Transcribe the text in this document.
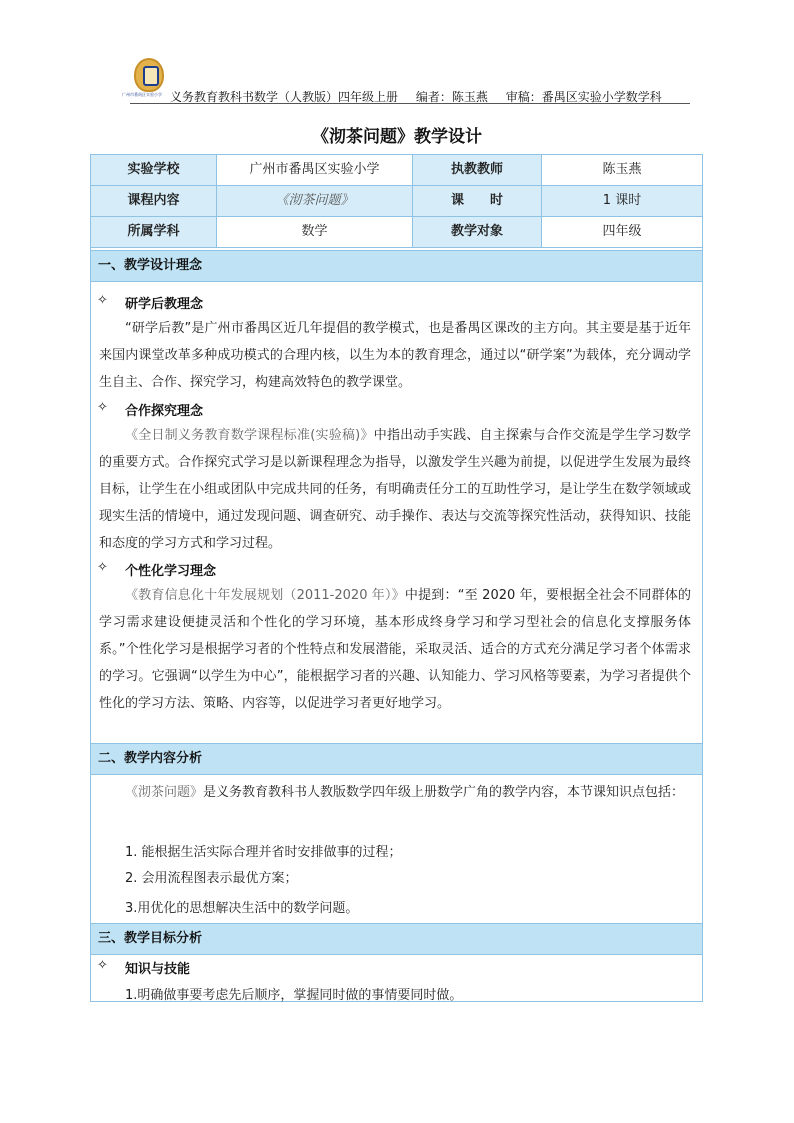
广州市番禺区实验小学 义务教育教科书数学（人教版）四年级上册 编者：陈玉燕 审稿：番禺区实验小学数学科
《沏茶问题》教学设计
实验学校	广州市番禺区实验小学	执教教师	陈玉燕
课程内容	《沏茶问题》	课　　时	1 课时
所属学科	数学	教学对象	四年级
一、教学设计理念
✧ 研学后教理念
“研学后教”是广州市番禺区近几年提倡的教学模式，也是番禺区课改的主方向。其主要是基于近年来国内课堂改革多种成功模式的合理内核，以生为本的教育理念，通过以“研学案”为载体，充分调动学生自主、合作、探究学习，构建高效特色的教学课堂。
✧ 合作探究理念
《全日制义务教育数学课程标准(实验稿)》中指出动手实践、自主探索与合作交流是学生学习数学的重要方式。合作探究式学习是以新课程理念为指导，以激发学生兴趣为前提，以促进学生发展为最终目标，让学生在小组或团队中完成共同的任务，有明确责任分工的互助性学习，是让学生在数学领域或现实生活的情境中，通过发现问题、调查研究、动手操作、表达与交流等探究性活动，获得知识、技能和态度的学习方式和学习过程。
✧ 个性化学习理念
《教育信息化十年发展规划（2011-2020 年）》中提到：“至 2020 年，要根据全社会不同群体的学习需求建设便捷灵活和个性化的学习环境，基本形成终身学习和学习型社会的信息化支撑服务体系。”个性化学习是根据学习者的个性特点和发展潜能，采取灵活、适合的方式充分满足学习者个体需求的学习。它强调“以学生为中心”，能根据学习者的兴趣、认知能力、学习风格等要素，为学习者提供个性化的学习方法、策略、内容等，以促进学习者更好地学习。
二、教学内容分析
《沏茶问题》是义务教育教科书人教版数学四年级上册数学广角的教学内容，本节课知识点包括：
1. 能根据生活实际合理并省时安排做事的过程；
2. 会用流程图表示最优方案；
3.用优化的思想解决生活中的数学问题。
三、教学目标分析
✧ 知识与技能
1.明确做事要考虑先后顺序，掌握同时做的事情要同时做。
